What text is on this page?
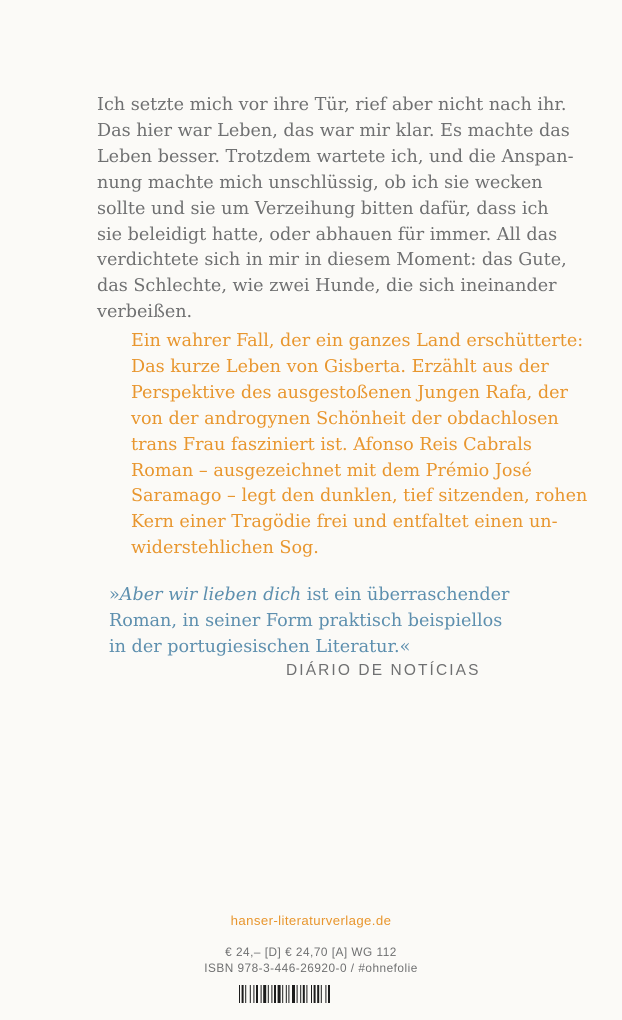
Ich setzte mich vor ihre Tür, rief aber nicht nach ihr.
Das hier war Leben, das war mir klar. Es machte das
Leben besser. Trotzdem wartete ich, und die Anspan-
nung machte mich unschlüssig, ob ich sie wecken
sollte und sie um Verzeihung bitten dafür, dass ich
sie beleidigt hatte, oder abhauen für immer. All das
verdichtete sich in mir in diesem Moment: das Gute,
das Schlechte, wie zwei Hunde, die sich ineinander
verbeißen.
Ein wahrer Fall, der ein ganzes Land erschütterte:
Das kurze Leben von Gisberta. Erzählt aus der
Perspektive des ausgestoßenen Jungen Rafa, der
von der androgynen Schönheit der obdachlosen
trans Frau fasziniert ist. Afonso Reis Cabrals
Roman – ausgezeichnet mit dem Prémio José
Saramago – legt den dunklen, tief sitzenden, rohen
Kern einer Tragödie frei und entfaltet einen un-
widerstehlichen Sog.
»Aber wir lieben dich ist ein überraschender
Roman, in seiner Form praktisch beispiellos
in der portugiesischen Literatur.«
DIÁRIO DE NOTÍCIAS
hanser-literaturverlage.de
€ 24,– [D] € 24,70 [A] WG 112
ISBN 978-3-446-26920-0 / #ohnefolie
